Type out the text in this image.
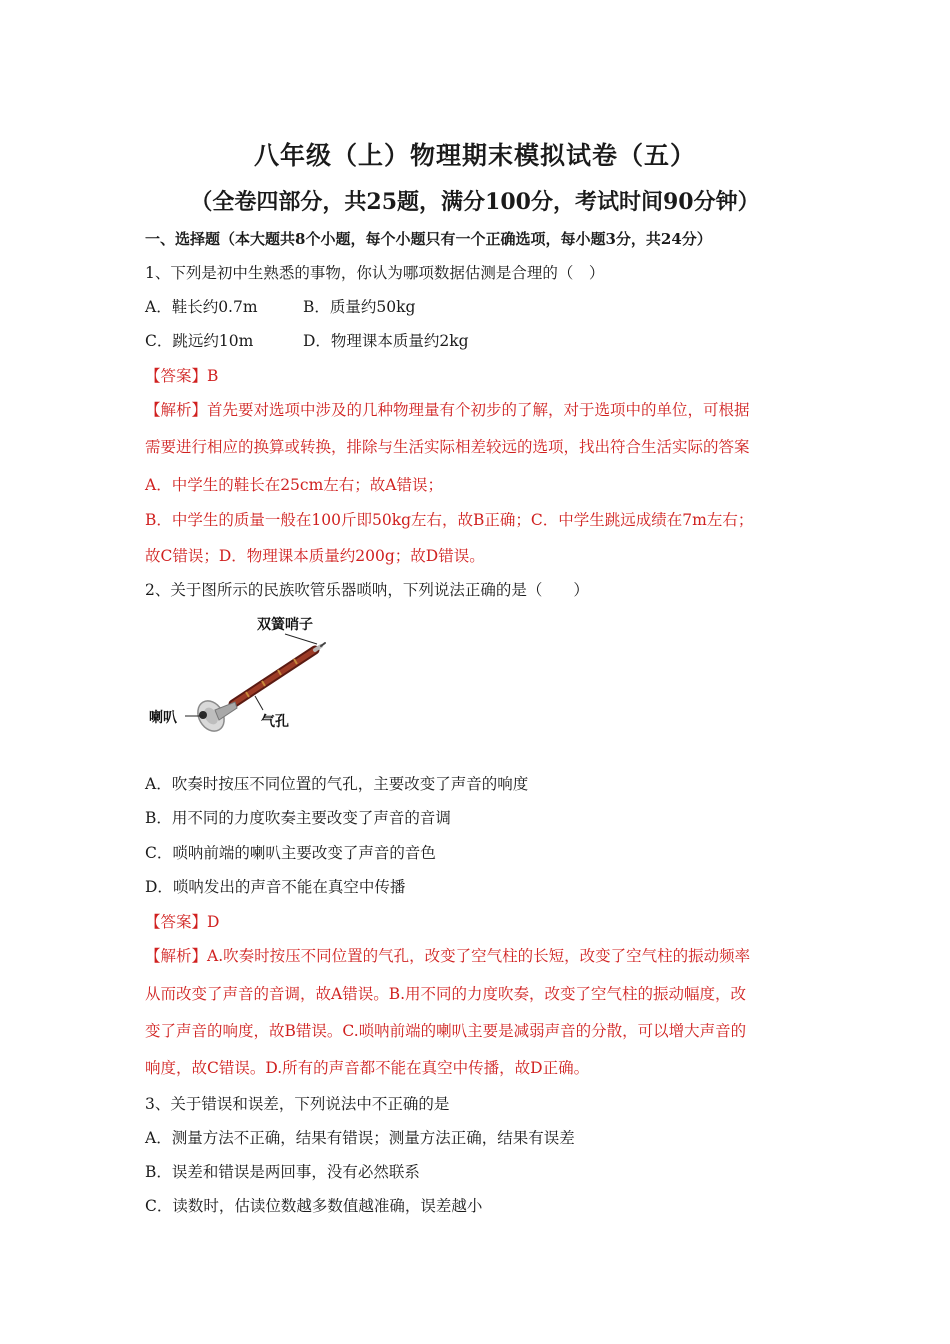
八年级（上）物理期末模拟试卷（五）
（全卷四部分，共25题，满分100分，考试时间90分钟）
一、选择题（本大题共8个小题，每个小题只有一个正确选项，每小题3分，共24分）
1、下列是初中生熟悉的事物，你认为哪项数据估测是合理的（　）
A．鞋长约0.7m	B．质量约50kg
C．跳远约10m	D．物理课本质量约2kg
【答案】B
【解析】首先要对选项中涉及的几种物理量有个初步的了解，对于选项中的单位，可根据
需要进行相应的换算或转换，排除与生活实际相差较远的选项，找出符合生活实际的答案
A．中学生的鞋长在25cm左右；故A错误；
B．中学生的质量一般在100斤即50kg左右，故B正确；C．中学生跳远成绩在7m左右；
故C错误；D．物理课本质量约200g；故D错误。
2、关于图所示的民族吹管乐器唢呐，下列说法正确的是（　　）
双簧哨子
喇叭	气孔
A．吹奏时按压不同位置的气孔，主要改变了声音的响度
B．用不同的力度吹奏主要改变了声音的音调
C．唢呐前端的喇叭主要改变了声音的音色
D．唢呐发出的声音不能在真空中传播
【答案】D
【解析】A.吹奏时按压不同位置的气孔，改变了空气柱的长短，改变了空气柱的振动频率
从而改变了声音的音调，故A错误。B.用不同的力度吹奏，改变了空气柱的振动幅度，改
变了声音的响度，故B错误。C.唢呐前端的喇叭主要是减弱声音的分散，可以增大声音的
响度，故C错误。D.所有的声音都不能在真空中传播，故D正确。
3、关于错误和误差，下列说法中不正确的是
A．测量方法不正确，结果有错误；测量方法正确，结果有误差
B．误差和错误是两回事，没有必然联系
C．读数时，估读位数越多数值越准确，误差越小
